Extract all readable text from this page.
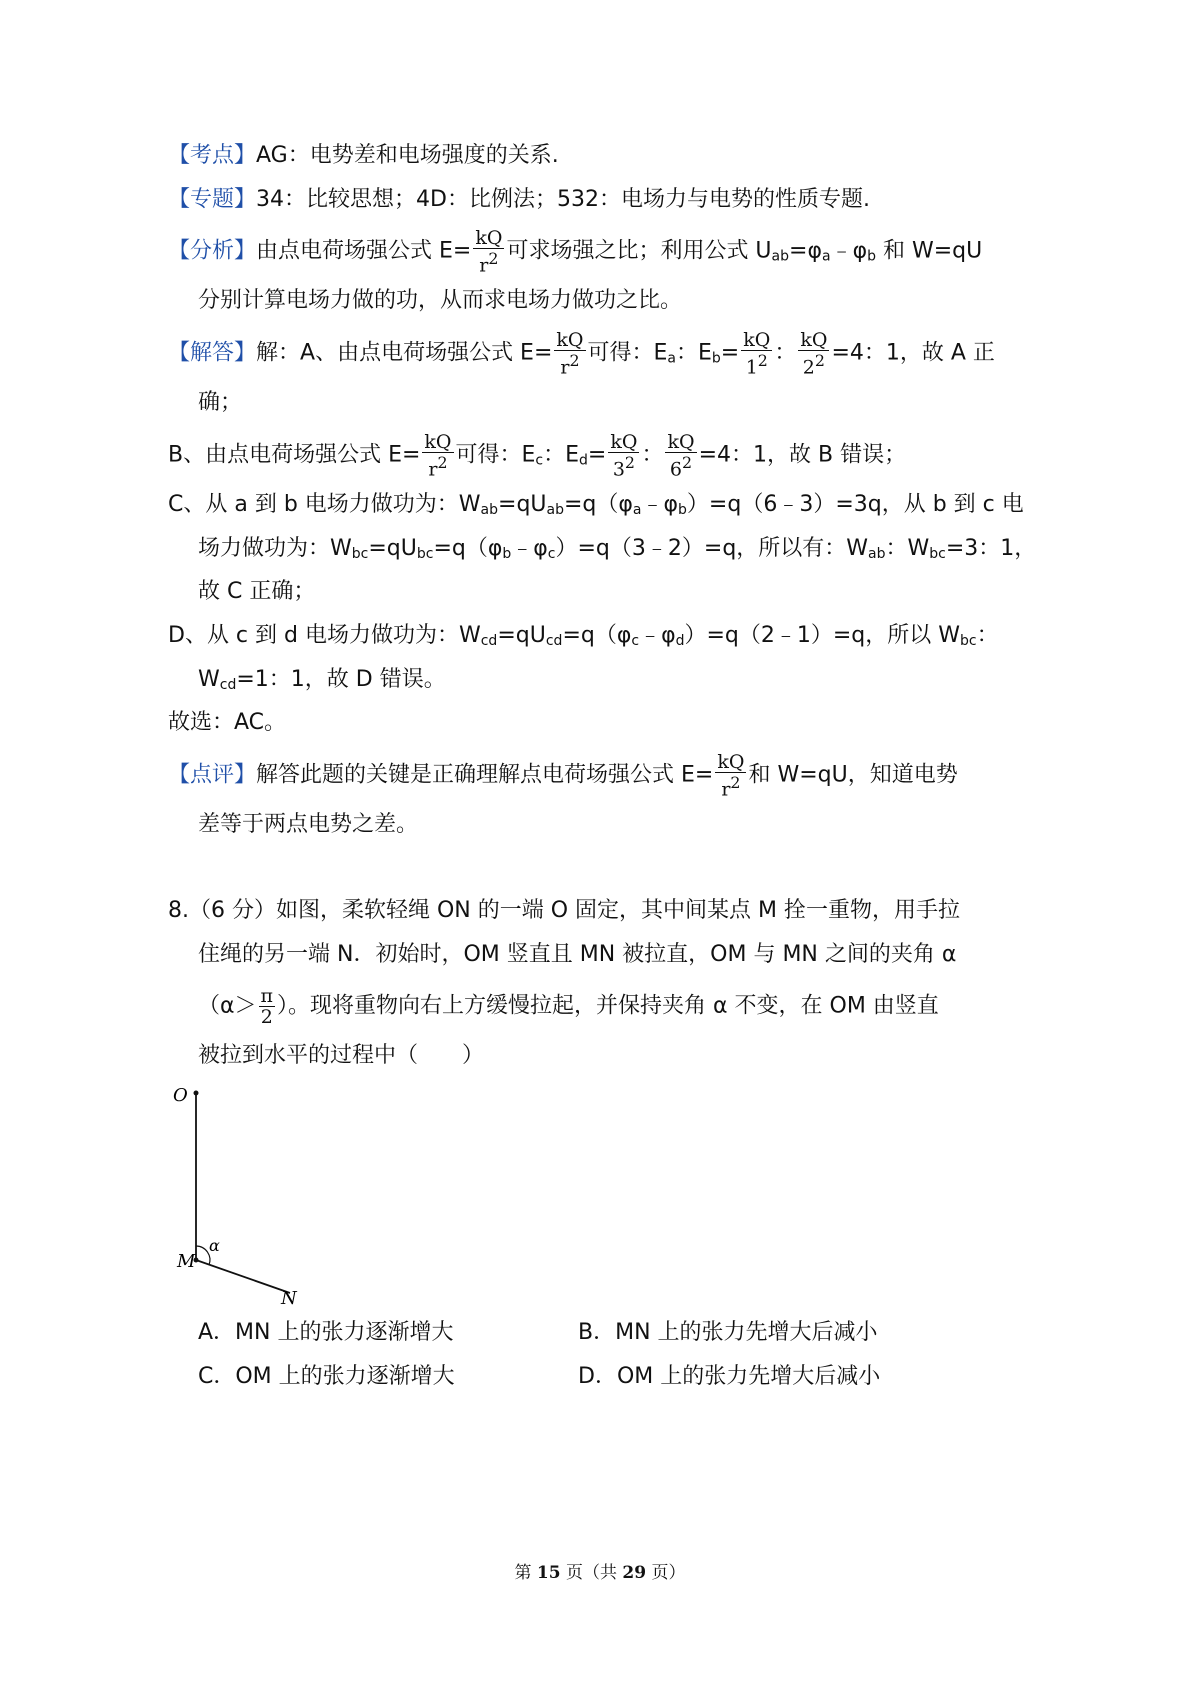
【考点】AG：电势差和电场强度的关系.
【专题】34：比较思想；4D：比例法；532：电场力与电势的性质专题.
【分析】由点电荷场强公式 $E= \frac{kQ}{r^2}$ 可求场强之比；利用公式 $U_{ab}=\varphi_a﹣\varphi_b$ 和 W=qU
分别计算电场力做的功，从而求电场力做功之比。
【解答】解：A、由点电荷场强公式 $E= \frac{kQ}{r^2}$ 可得：$E_a$：$E_b= \frac{kQ}{1^2}$ ： $\frac{kQ}{2^2} =4$：1，故 A 正
确；
B、由点电荷场强公式 $E= \frac{kQ}{r^2}$ 可得：$E_c$：$E_d= \frac{kQ}{3^2}$ ： $\frac{kQ}{6^2} =4$：1，故 B 错误；
C、从 a 到 b 电场力做功为：$W_{ab}=qU_{ab}=q(\varphi_a﹣\varphi_b)=q(6﹣3)=3q$，从 b 到 c 电
场力做功为：$W_{bc}=qU_{bc}=q(\varphi_b﹣\varphi_c)=q(3﹣2)=q$，所以有：$W_{ab}$：$W_{bc}=3$：1，
故 C 正确；
D、从 c 到 d 电场力做功为：$W_{cd}=qU_{cd}=q(\varphi_c﹣\varphi_d)=q(2﹣1)=q$，所以 $W_{bc}$：
$W_{cd}=1$：1，故 D 错误。
故选：AC。
【点评】解答此题的关键是正确理解点电荷场强公式 $E= \frac{kQ}{r^2}$ 和 W=qU，知道电势
差等于两点电势之差。
8.（6 分）如图，柔软轻绳 ON 的一端 O 固定，其中间某点 M 拴一重物，用手拉
住绳的另一端 N．初始时，OM 竖直且 MN 被拉直，OM 与 MN 之间的夹角 α
（$\alpha> \frac{\pi}{2}$ ）。现将重物向右上方缓慢拉起，并保持夹角 α 不变，在 OM 由竖直
被拉到水平的过程中（　　）
O
M
α
N
A．MN 上的张力逐渐增大	B．MN 上的张力先增大后减小
C．OM 上的张力逐渐增大	D．OM 上的张力先增大后减小
第 15 页（共 29 页）
